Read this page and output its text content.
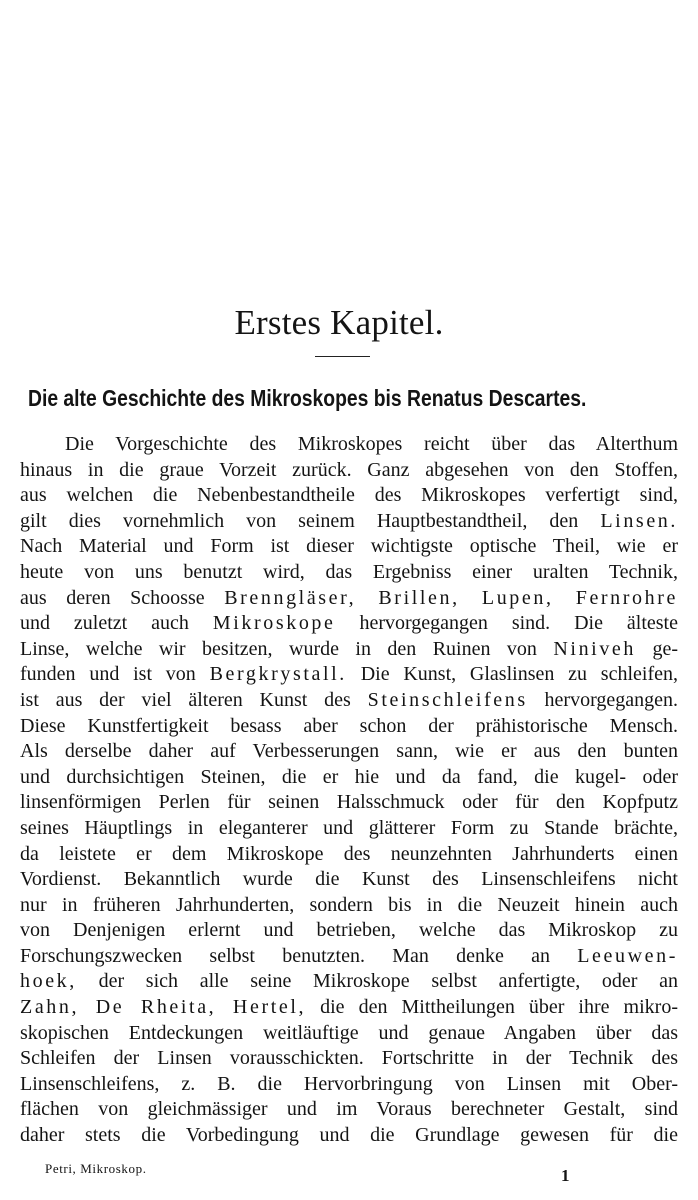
Erstes Kapitel.
Die alte Geschichte des Mikroskopes bis Renatus Descartes.
Die Vorgeschichte des Mikroskopes reicht über das Alterthum
hinaus in die graue Vorzeit zurück. Ganz abgesehen von den Stoffen,
aus welchen die Nebenbestandtheile des Mikroskopes verfertigt sind,
gilt dies vornehmlich von seinem Hauptbestandtheil, den Linsen.
Nach Material und Form ist dieser wichtigste optische Theil, wie er
heute von uns benutzt wird, das Ergebniss einer uralten Technik,
aus deren Schoosse Brenngläser, Brillen, Lupen, Fernrohre
und zuletzt auch Mikroskope hervorgegangen sind. Die älteste
Linse, welche wir besitzen, wurde in den Ruinen von Niniveh ge-
funden und ist von Bergkrystall. Die Kunst, Glaslinsen zu schleifen,
ist aus der viel älteren Kunst des Steinschleifens hervorgegangen.
Diese Kunstfertigkeit besass aber schon der prähistorische Mensch.
Als derselbe daher auf Verbesserungen sann, wie er aus den bunten
und durchsichtigen Steinen, die er hie und da fand, die kugel- oder
linsenförmigen Perlen für seinen Halsschmuck oder für den Kopfputz
seines Häuptlings in eleganterer und glätterer Form zu Stande brächte,
da leistete er dem Mikroskope des neunzehnten Jahrhunderts einen
Vordienst. Bekanntlich wurde die Kunst des Linsenschleifens nicht
nur in früheren Jahrhunderten, sondern bis in die Neuzeit hinein auch
von Denjenigen erlernt und betrieben, welche das Mikroskop zu
Forschungszwecken selbst benutzten. Man denke an Leeuwen-
hoek, der sich alle seine Mikroskope selbst anfertigte, oder an
Zahn, De Rheita, Hertel, die den Mittheilungen über ihre mikro-
skopischen Entdeckungen weitläuftige und genaue Angaben über das
Schleifen der Linsen vorausschickten. Fortschritte in der Technik des
Linsenschleifens, z. B. die Hervorbringung von Linsen mit Ober-
flächen von gleichmässiger und im Voraus berechneter Gestalt, sind
daher stets die Vorbedingung und die Grundlage gewesen für die
Petri, Mikroskop.	1
